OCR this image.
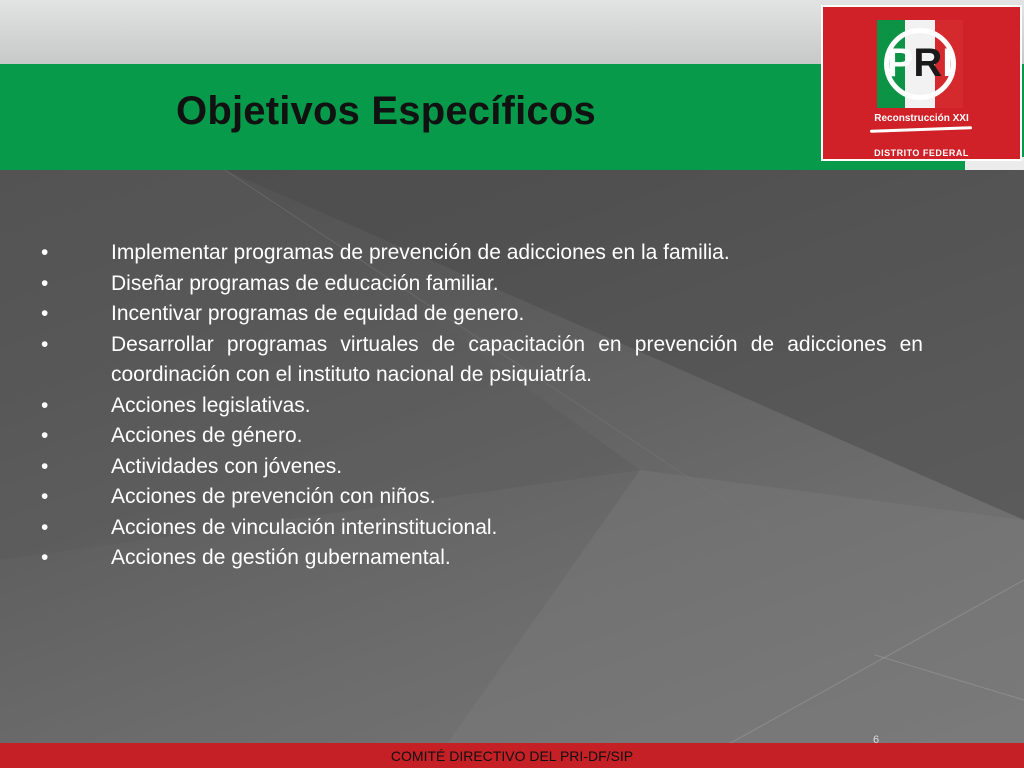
Objetivos Específicos
PRI
Reconstrucción XXI
DISTRITO FEDERAL
•	Implementar programas de prevención de adicciones en la familia.
•	Diseñar programas de educación familiar.
•	Incentivar programas de equidad de genero.
•	Desarrollar programas virtuales de capacitación en prevención de adicciones en coordinación con el instituto nacional de psiquiatría.
•	Acciones legislativas.
•	Acciones de género.
•	Actividades con jóvenes.
•	Acciones de prevención con niños.
•	Acciones de vinculación interinstitucional.
•	Acciones de gestión gubernamental.
COMITÉ DIRECTIVO DEL PRI-DF/SIP
6
